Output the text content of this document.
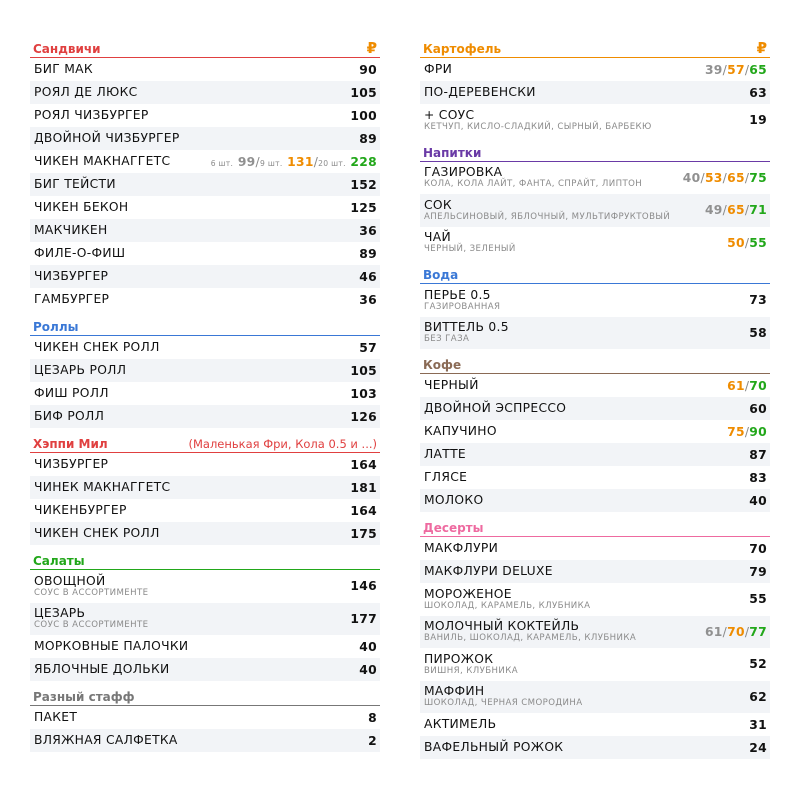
Сандвичи	₽
БИГ МАК	90
РОЯЛ ДЕ ЛЮКС	105
РОЯЛ ЧИЗБУРГЕР	100
ДВОЙНОЙ ЧИЗБУРГЕР	89
ЧИКЕН МАКНАГГЕТС	6 шт. 99/9 шт. 131/20 шт. 228
БИГ ТЕЙСТИ	152
ЧИКЕН БЕКОН	125
МАКЧИКЕН	36
ФИЛЕ-О-ФИШ	89
ЧИЗБУРГЕР	46
ГАМБУРГЕР	36
Роллы
ЧИКЕН СНЕК РОЛЛ	57
ЦЕЗАРЬ РОЛЛ	105
ФИШ РОЛЛ	103
БИФ РОЛЛ	126
Хэппи Мил	(Маленькая Фри, Кола 0.5 и ...)
ЧИЗБУРГЕР	164
ЧИНЕК МАКНАГГЕТС	181
ЧИКЕНБУРГЕР	164
ЧИКЕН СНЕК РОЛЛ	175
Салаты
ОВОЩНОЙ
СОУС В АССОРТИМЕНТЕ	146
ЦЕЗАРЬ
СОУС В АССОРТИМЕНТЕ	177
МОРКОВНЫЕ ПАЛОЧКИ	40
ЯБЛОЧНЫЕ ДОЛЬКИ	40
Разный стафф
ПАКЕТ	8
ВЛЯЖНАЯ САЛФЕТКА	2
Картофель	₽
ФРИ	39/57/65
ПО-ДЕРЕВЕНСКИ	63
+ СОУС
КЕТЧУП, КИСЛО-СЛАДКИЙ, СЫРНЫЙ, БАРБЕКЮ	19
Напитки
ГАЗИРОВКА
КОЛА, КОЛА ЛАЙТ, ФАНТА, СПРАЙТ, ЛИПТОН	40/53/65/75
СОК
АПЕЛЬСИНОВЫЙ, ЯБЛОЧНЫЙ, МУЛЬТИФРУКТОВЫЙ	49/65/71
ЧАЙ
ЧЕРНЫЙ, ЗЕЛЕНЫЙ	50/55
Вода
ПЕРЬЕ 0.5
ГАЗИРОВАННАЯ	73
ВИТТЕЛЬ 0.5
БЕЗ ГАЗА	58
Кофе
ЧЕРНЫЙ	61/70
ДВОЙНОЙ ЭСПРЕССО	60
КАПУЧИНО	75/90
ЛАТТЕ	87
ГЛЯСЕ	83
МОЛОКО	40
Десерты
МАКФЛУРИ	70
МАКФЛУРИ DELUXE	79
МОРОЖЕНОЕ
ШОКОЛАД, КАРАМЕЛЬ, КЛУБНИКА	55
МОЛОЧНЫЙ КОКТЕЙЛЬ
ВАНИЛЬ, ШОКОЛАД, КАРАМЕЛЬ, КЛУБНИКА	61/70/77
ПИРОЖОК
ВИШНЯ, КЛУБНИКА	52
МАФФИН
ШОКОЛАД, ЧЕРНАЯ СМОРОДИНА	62
АКТИМЕЛЬ	31
ВАФЕЛЬНЫЙ РОЖОК	24
